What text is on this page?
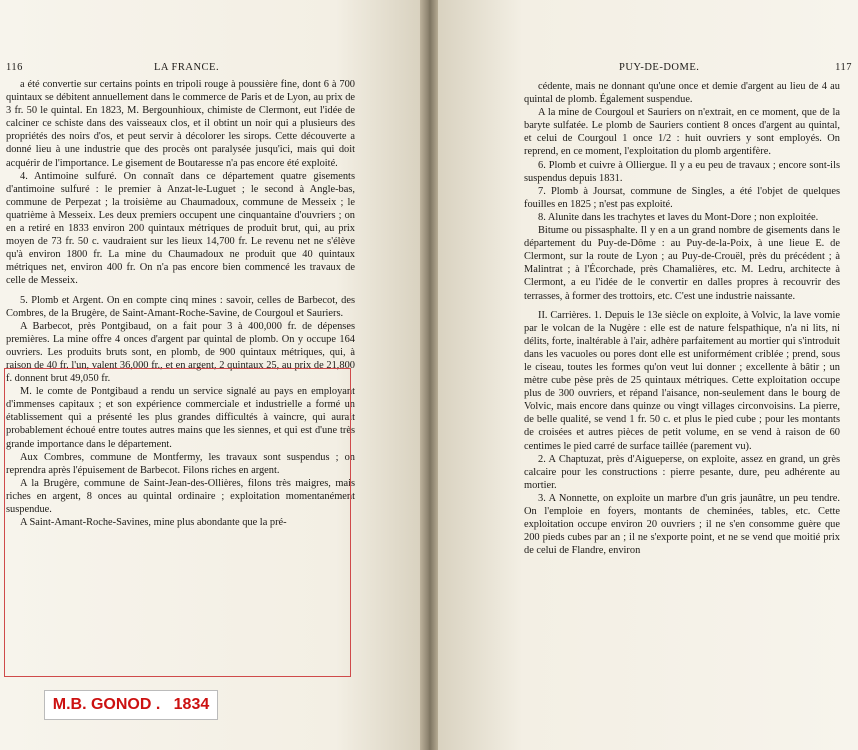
116	LA FRANCE.

a été convertie sur certains points en tripoli rouge à poussière fine, dont 6 à 700 quintaux se débitent annuellement dans le commerce de Paris et de Lyon, au prix de 3 fr. 50 le quintal. En 1823, M. Bergounhioux, chimiste de Clermont, eut l'idée de calciner ce schiste dans des vaisseaux clos, et il obtint un noir qui a plusieurs des propriétés des noirs d'os, et peut servir à décolorer les sirops. Cette découverte a donné lieu à une industrie que des procès ont paralysée jusqu'ici, mais qui doit acquérir de l'importance. Le gisement de Boutaresse n'a pas encore été exploité.

4. Antimoine sulfuré. On connaît dans ce département quatre gisements d'antimoine sulfuré : le premier à Anzat-le-Luguet ; le second à Angle-bas, commune de Perpezat ; la troisième au Chaumadoux, commune de Messeix ; le quatrième à Messeix. Les deux premiers occupent une cinquantaine d'ouvriers ; on en a retiré en 1833 environ 200 quintaux métriques de produit brut, qui, au prix moyen de 73 fr. 50 c. vaudraient sur les lieux 14,700 fr. Le revenu net ne s'élève qu'à environ 1800 fr. La mine du Chaumadoux ne produit que 40 quintaux métriques net, environ 400 fr. On n'a pas encore bien commencé les travaux de celle de Messeix.

5. Plomb et Argent. On en compte cinq mines : savoir, celles de Barbecot, des Combres, de la Brugère, de Saint-Amant-Roche-Savine, de Courgoul et Sauriers.

A Barbecot, près Pontgibaud, on a fait pour 3 à 400,000 fr. de dépenses premières. La mine offre 4 onces d'argent par quintal de plomb. On y occupe 164 ouvriers. Les produits bruts sont, en plomb, de 900 quintaux métriques, qui, à raison de 40 fr. l'un, valent 36,000 fr., et en argent, 2 quintaux 25, au prix de 21,800 f. donnent brut 49,050 fr.

M. le comte de Pontgibaud a rendu un service signalé au pays en employant d'immenses capitaux ; et son expérience commerciale et industrielle a formé un établissement qui a présenté les plus grandes difficultés à vaincre, qui aurait probablement échoué entre toutes autres mains que les siennes, et qui est d'une très grande importance dans le département.

Aux Combres, commune de Montfermy, les travaux sont suspendus ; on reprendra après l'épuisement de Barbecot. Filons riches en argent.

A la Brugère, commune de Saint-Jean-des-Ollières, filons très maigres, mais riches en argent, 8 onces au quintal ordinaire ; exploitation momentanément suspendue.

A Saint-Amant-Roche-Savines, mine plus abondante que la pré-

M.B. GONOD .   1834
PUY-DE-DOME.	117

cédente, mais ne donnant qu'une once et demie d'argent au lieu de 4 au quintal de plomb. Également suspendue.

A la mine de Courgoul et Sauriers on n'extrait, en ce moment, que de la baryte sulfatée. Le plomb de Sauriers contient 8 onces d'argent au quintal, et celui de Courgoul 1 once 1/2 : huit ouvriers y sont employés. On reprend, en ce moment, l'exploitation du plomb argentifère.

6. Plomb et cuivre à Olliergue. Il y a eu peu de travaux ; encore sont-ils suspendus depuis 1831.

7. Plomb à Joursat, commune de Singles, a été l'objet de quelques fouilles en 1825 ; n'est pas exploité.

8. Alunite dans les trachytes et laves du Mont-Dore ; non exploitée.

Bitume ou pissasphalte. Il y en a un grand nombre de gisements dans le département du Puy-de-Dôme : au Puy-de-la-Poix, à une lieue E. de Clermont, sur la route de Lyon ; au Puy-de-Crouël, près du précédent ; à Malintrat ; à l'Écorchade, près Chamalières, etc. M. Ledru, architecte à Clermont, a eu l'idée de le convertir en dalles propres à recouvrir des terrasses, à former des trottoirs, etc. C'est une industrie naissante.

II. Carrières. 1. Depuis le 13e siècle on exploite, à Volvic, la lave vomie par le volcan de la Nugère : elle est de nature felspathique, n'a ni lits, ni délits, forte, inaltérable à l'air, adhère parfaitement au mortier qui s'introduit dans les vacuoles ou pores dont elle est uniformément criblée ; prend, sous le ciseau, toutes les formes qu'on veut lui donner ; excellente à bâtir ; un mètre cube pèse près de 25 quintaux métriques. Cette exploitation occupe plus de 300 ouvriers, et répand l'aisance, non-seulement dans le bourg de Volvic, mais encore dans quinze ou vingt villages circonvoisins. La pierre, de belle qualité, se vend 1 fr. 50 c. et plus le pied cube ; pour les montants de croisées et autres pièces de petit volume, en se vend à raison de 60 centimes le pied carré de surface taillée (parement vu).

2. A Chaptuzat, près d'Aigueperse, on exploite, assez en grand, un grès calcaire pour les constructions : pierre pesante, dure, peu adhérente au mortier.

3. A Nonnette, on exploite un marbre d'un gris jaunâtre, un peu tendre. On l'emploie en foyers, montants de cheminées, tables, etc. Cette exploitation occupe environ 20 ouvriers ; il ne s'en consomme guère que 200 pieds cubes par an ; il ne s'exporte point, et ne se vend que moitié prix de celui de Flandre, environ
